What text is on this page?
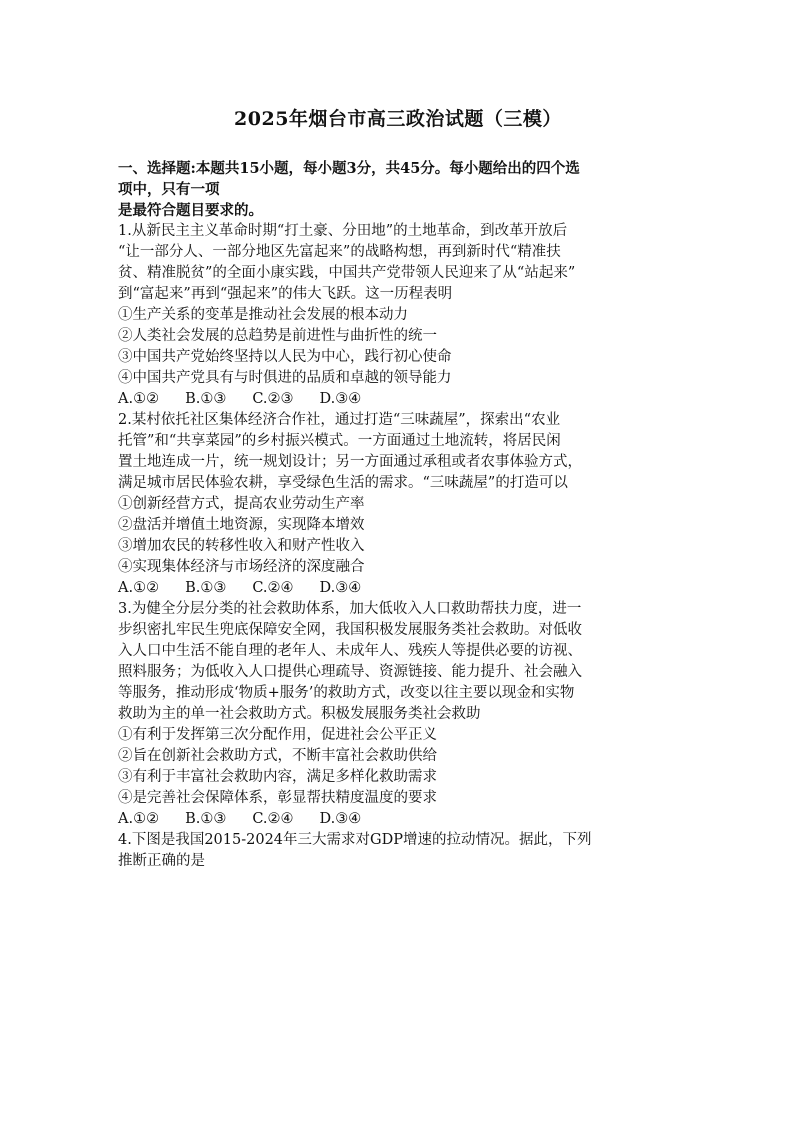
2025年烟台市高三政治试题（三模）
一、选择题:本题共15小题，每小题3分，共45分。每小题给出的四个选
项中，只有一项
是最符合题目要求的。
1.从新民主主义革命时期“打土豪、分田地”的土地革命，到改革开放后
“让一部分人、一部分地区先富起来”的战略构想，再到新时代“精准扶
贫、精准脱贫”的全面小康实践，中国共产党带领人民迎来了从“站起来”
到“富起来”再到“强起来”的伟大飞跃。这一历程表明
①生产关系的变革是推动社会发展的根本动力
②人类社会发展的总趋势是前进性与曲折性的统一
③中国共产党始终坚持以人民为中心，践行初心使命
④中国共产党具有与时俱进的品质和卓越的领导能力
A.①② B.①③ C.②③ D.③④
2.某村依托社区集体经济合作社，通过打造“三味蔬屋”，探索出“农业
托管”和“共享菜园”的乡村振兴模式。一方面通过土地流转，将居民闲
置土地连成一片，统一规划设计；另一方面通过承租或者农事体验方式，
满足城市居民体验农耕，享受绿色生活的需求。“三味蔬屋”的打造可以
①创新经营方式，提高农业劳动生产率
②盘活并增值土地资源，实现降本增效
③增加农民的转移性收入和财产性收入
④实现集体经济与市场经济的深度融合
A.①② B.①③ C.②④ D.③④
3.为健全分层分类的社会救助体系，加大低收入人口救助帮扶力度，进一
步织密扎牢民生兜底保障安全网，我国积极发展服务类社会救助。对低收
入人口中生活不能自理的老年人、未成年人、残疾人等提供必要的访视、
照料服务；为低收入人口提供心理疏导、资源链接、能力提升、社会融入
等服务，推动形成‘物质+服务’的救助方式，改变以往主要以现金和实物
救助为主的单一社会救助方式。积极发展服务类社会救助
①有利于发挥第三次分配作用，促进社会公平正义
②旨在创新社会救助方式，不断丰富社会救助供给
③有利于丰富社会救助内容，满足多样化救助需求
④是完善社会保障体系，彰显帮扶精度温度的要求
A.①② B.①③ C.②④ D.③④
4.下图是我国2015-2024年三大需求对GDP增速的拉动情况。据此，下列
推断正确的是
